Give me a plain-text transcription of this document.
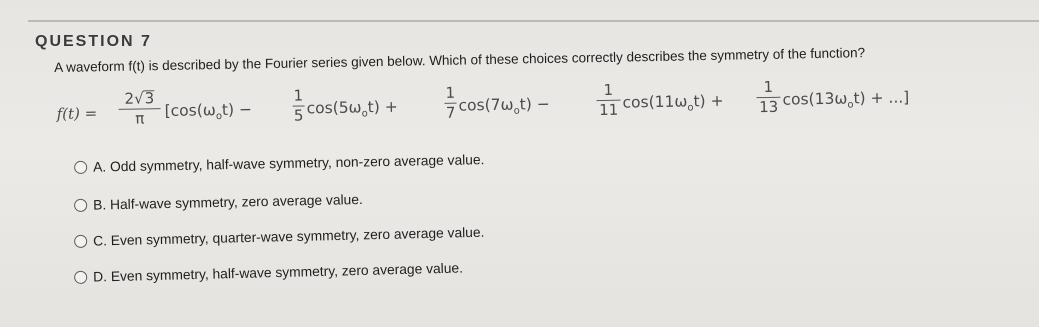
QUESTION 7
A waveform f(t) is described by the Fourier series given below. Which of these choices correctly describes the symmetry of the function?
f(t) =
2√3
π	[$\cos(\omega_ot)$ −
1
5 $\cos(5\omega_ot)$ +
1
7 $\cos(7\omega_ot)$ −
1
11 $\cos(11\omega_ot)$ +
1
13 $\cos(13\omega_ot)$ + ...]
A. Odd symmetry, half-wave symmetry, non-zero average value.
B. Half-wave symmetry, zero average value.
C. Even symmetry, quarter-wave symmetry, zero average value.
D. Even symmetry, half-wave symmetry, zero average value.
